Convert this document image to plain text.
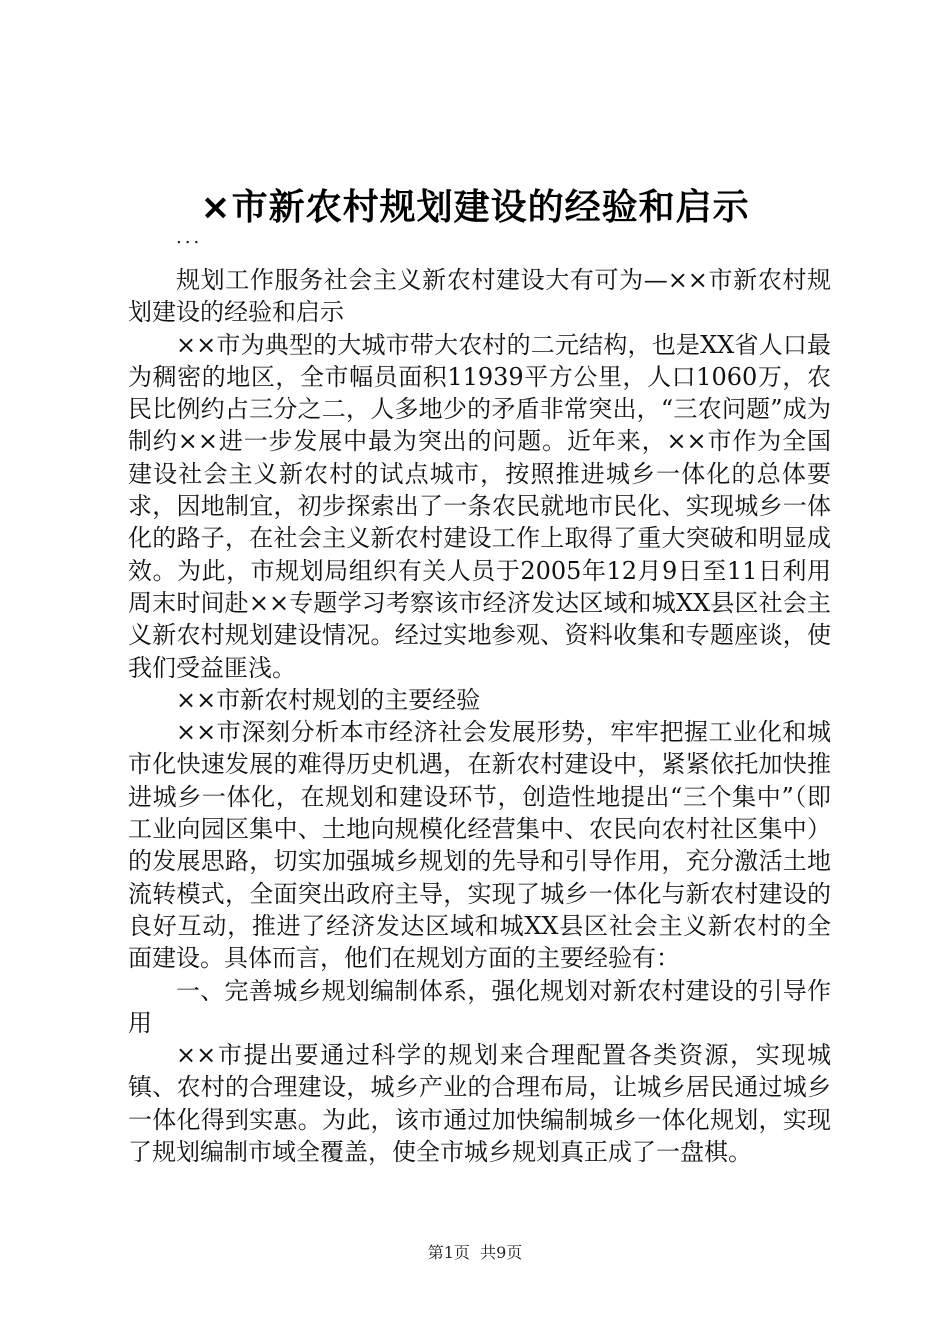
×市新农村规划建设的经验和启示
...

规划工作服务社会主义新农村建设大有可为—××市新农村规划建设的经验和启示

××市为典型的大城市带大农村的二元结构，也是XX省人口最为稠密的地区，全市幅员面积11939平方公里，人口1060万，农民比例约占三分之二，人多地少的矛盾非常突出，“三农问题”成为制约××进一步发展中最为突出的问题。近年来，××市作为全国建设社会主义新农村的试点城市，按照推进城乡一体化的总体要求，因地制宜，初步探索出了一条农民就地市民化、实现城乡一体化的路子，在社会主义新农村建设工作上取得了重大突破和明显成效。为此，市规划局组织有关人员于2005年12月9日至11日利用周末时间赴××专题学习考察该市经济发达区域和城XX县区社会主义新农村规划建设情况。经过实地参观、资料收集和专题座谈，使我们受益匪浅。

××市新农村规划的主要经验

××市深刻分析本市经济社会发展形势，牢牢把握工业化和城市化快速发展的难得历史机遇，在新农村建设中，紧紧依托加快推进城乡一体化，在规划和建设环节，创造性地提出“三个集中”（即工业向园区集中、土地向规模化经营集中、农民向农村社区集中）的发展思路，切实加强城乡规划的先导和引导作用，充分激活土地流转模式，全面突出政府主导，实现了城乡一体化与新农村建设的良好互动，推进了经济发达区域和城XX县区社会主义新农村的全面建设。具体而言，他们在规划方面的主要经验有：

一、完善城乡规划编制体系，强化规划对新农村建设的引导作用

××市提出要通过科学的规划来合理配置各类资源，实现城镇、农村的合理建设，城乡产业的合理布局，让城乡居民通过城乡一体化得到实惠。为此，该市通过加快编制城乡一体化规划，实现了规划编制市域全覆盖，使全市城乡规划真正成了一盘棋。

第1页  共9页
